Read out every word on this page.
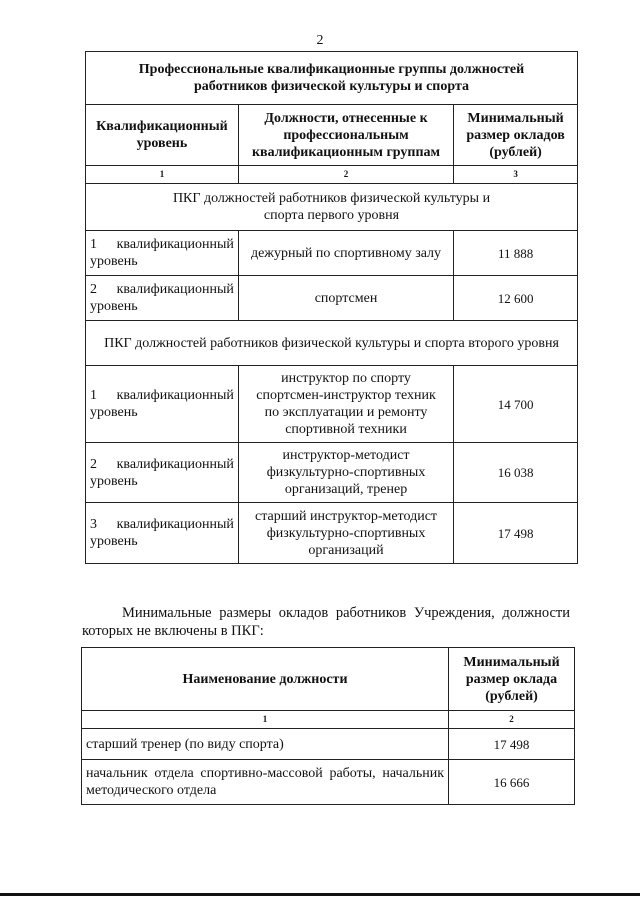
2
Профессиональные квалификационные группы должностей работников физической культуры и спорта		
Квалификационный уровень	Должности, отнесенные к профессиональным квалификационным группам	Минимальный размер окладов (рублей)
1	2	3
ПКГ должностей работников физической культуры и спорта первого уровня		
1 квалификационный уровень	дежурный по спортивному залу	11 888
2 квалификационный уровень	спортсмен	12 600
ПКГ должностей работников физической культуры и спорта второго уровня		
1 квалификационный уровень	инструктор по спорту спортсмен-инструктор техник по эксплуатации и ремонту спортивной техники	14 700
2 квалификационный уровень	инструктор-методист физкультурно-спортивных организаций, тренер	16 038
3 квалификационный уровень	старший инструктор-методист физкультурно-спортивных организаций	17 498
Минимальные размеры окладов работников Учреждения, должности которых не включены в ПКГ:
Наименование должности	Минимальный размер оклада (рублей)
1	2
старший тренер (по виду спорта)	17 498
начальник отдела спортивно-массовой работы, начальник методического отдела	16 666
